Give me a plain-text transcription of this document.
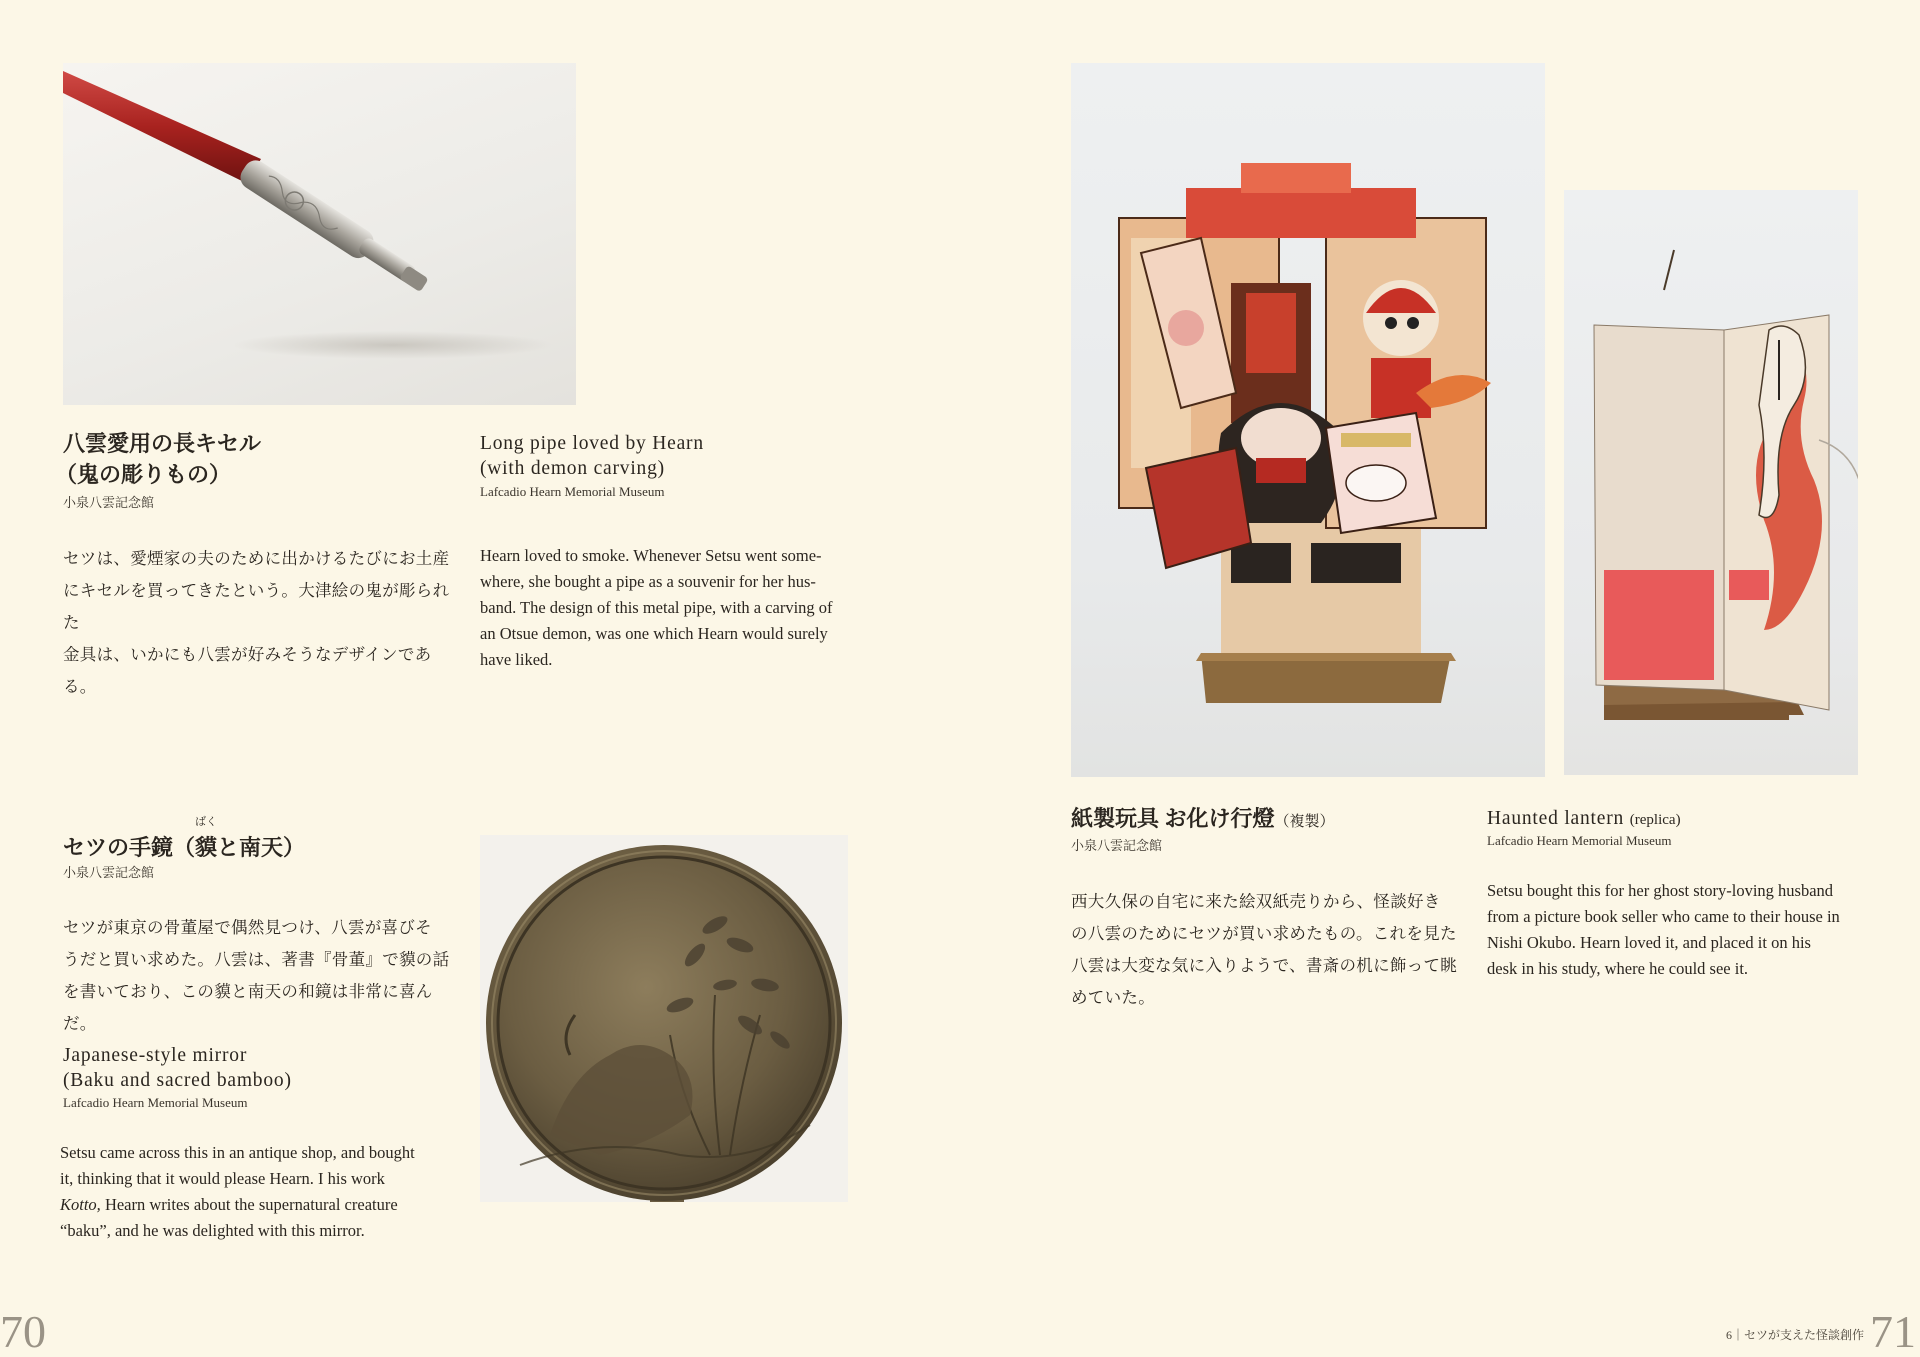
八雲愛用の長キセル
（鬼の彫りもの）
小泉八雲記念館
セツは、愛煙家の夫のために出かけるたびにお土産
にキセルを買ってきたという。大津絵の鬼が彫られた
金具は、いかにも八雲が好みそうなデザインである。
Long pipe loved by Hearn
(with demon carving)
Lafcadio Hearn Memorial Museum
Hearn loved to smoke. Whenever Setsu went some-
where, she bought a pipe as a souvenir for her hus-
band. The design of this metal pipe, with a carving of
an Otsue demon, was one which Hearn would surely
have liked.
セツの手鏡（
ばく
貘と南天）
小泉八雲記念館
セツが東京の骨董屋で偶然見つけ、八雲が喜びそ
うだと買い求めた。八雲は、著書『骨董』で貘の話
を書いており、この貘と南天の和鏡は非常に喜んだ。
Japanese-style mirror
(Baku and sacred bamboo)
Lafcadio Hearn Memorial Museum
Setsu came across this in an antique shop, and bought
it, thinking that it would please Hearn. I his work
Kotto, Hearn writes about the supernatural creature
“baku”, and he was delighted with this mirror.
70
紙製玩具 お化け行燈（複製）
小泉八雲記念館
西大久保の自宅に来た絵双紙売りから、怪談好き
の八雲のためにセツが買い求めたもの。これを見た
八雲は大変な気に入りようで、書斎の机に飾って眺
めていた。
Haunted lantern (replica)
Lafcadio Hearn Memorial Museum
Setsu bought this for her ghost story-loving husband
from a picture book seller who came to their house in
Nishi Okubo. Hearn loved it, and placed it on his
desk in his study, where he could see it.
6｜セツが支えた怪談創作 71
